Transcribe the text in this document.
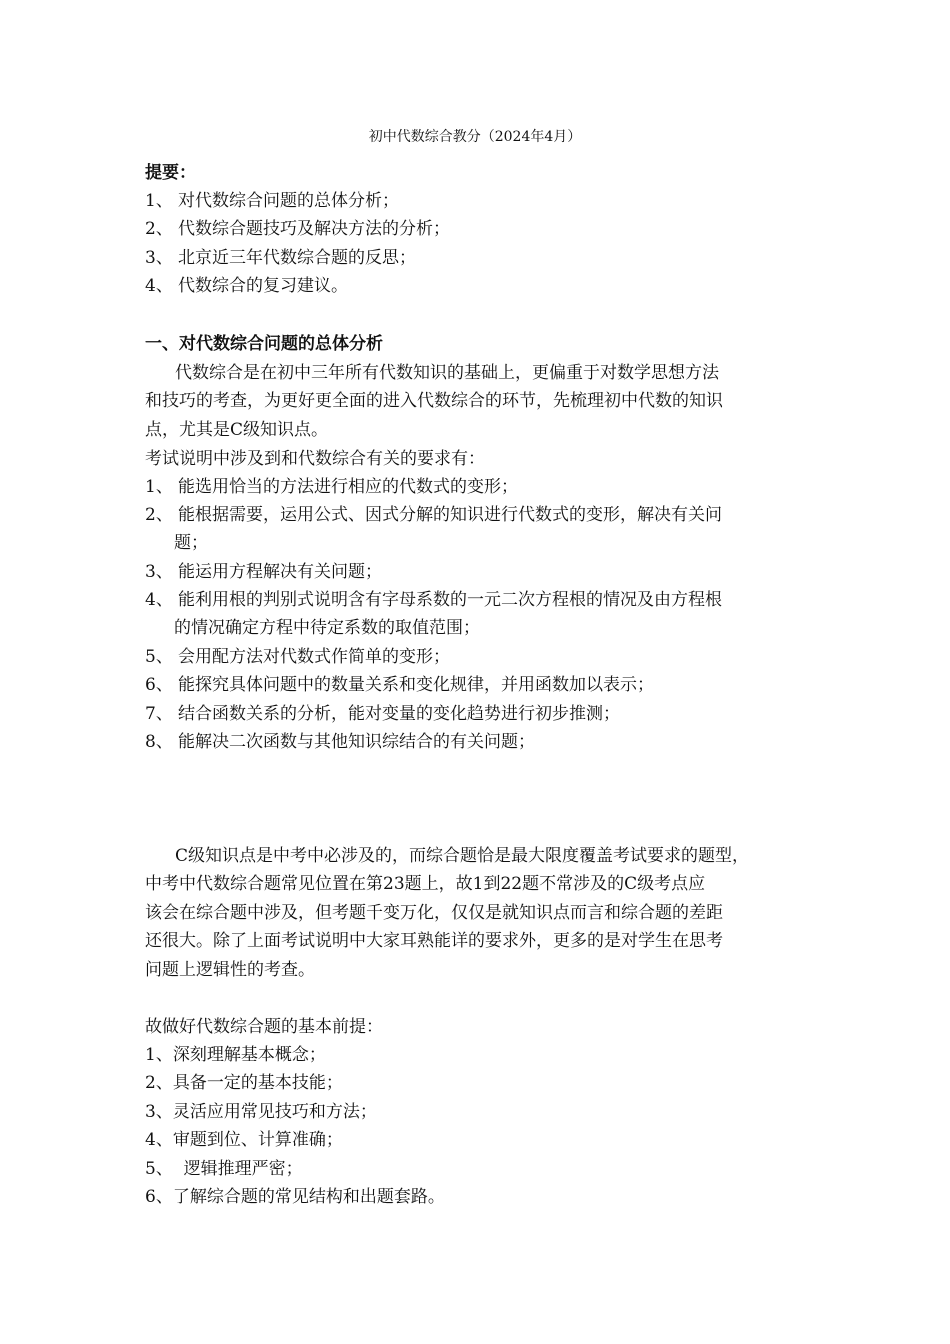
初中代数综合教分（2024年4月）
提要：
1、 对代数综合问题的总体分析；
2、 代数综合题技巧及解决方法的分析；
3、 北京近三年代数综合题的反思；
4、 代数综合的复习建议。
一、对代数综合问题的总体分析
代数综合是在初中三年所有代数知识的基础上，更偏重于对数学思想方法
和技巧的考查，为更好更全面的进入代数综合的环节，先梳理初中代数的知识
点，尤其是C级知识点。
考试说明中涉及到和代数综合有关的要求有：
1、 能选用恰当的方法进行相应的代数式的变形；
2、 能根据需要，运用公式、因式分解的知识进行代数式的变形，解决有关问
题；
3、 能运用方程解决有关问题；
4、 能利用根的判别式说明含有字母系数的一元二次方程根的情况及由方程根
的情况确定方程中待定系数的取值范围；
5、 会用配方法对代数式作简单的变形；
6、 能探究具体问题中的数量关系和变化规律，并用函数加以表示；
7、 结合函数关系的分析，能对变量的变化趋势进行初步推测；
8、 能解决二次函数与其他知识综结合的有关问题；
C级知识点是中考中必涉及的，而综合题恰是最大限度覆盖考试要求的题型，
中考中代数综合题常见位置在第23题上，故1到22题不常涉及的C级考点应
该会在综合题中涉及，但考题千变万化，仅仅是就知识点而言和综合题的差距
还很大。除了上面考试说明中大家耳熟能详的要求外，更多的是对学生在思考
问题上逻辑性的考查。
故做好代数综合题的基本前提：
1、深刻理解基本概念；
2、具备一定的基本技能；
3、灵活应用常见技巧和方法；
4、审题到位、计算准确；
5、  逻辑推理严密；
6、了解综合题的常见结构和出题套路。
